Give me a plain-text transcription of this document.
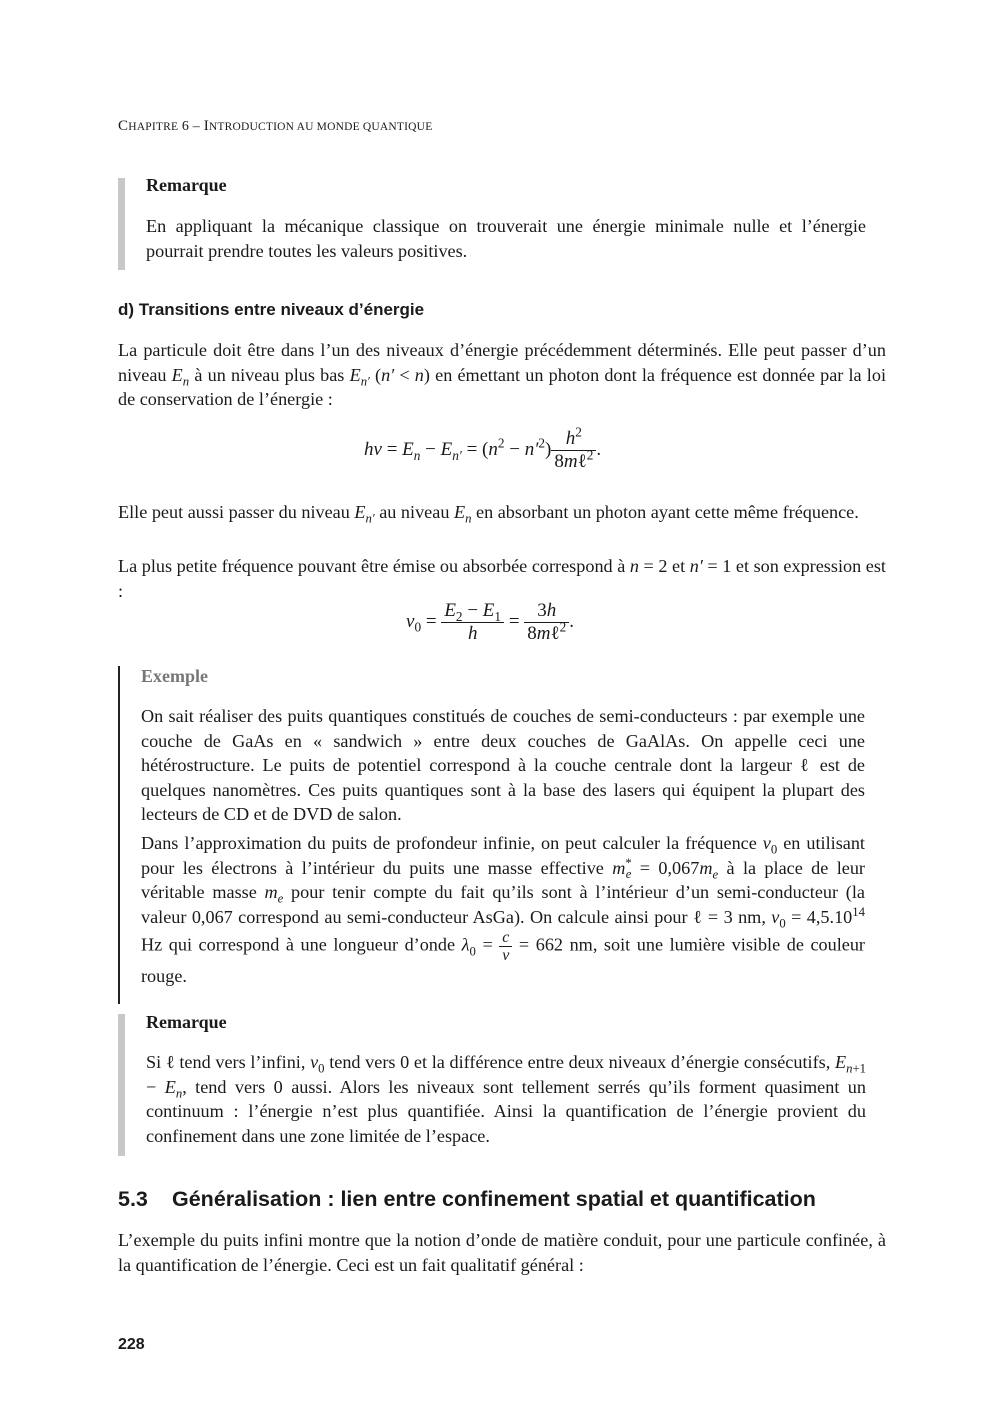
CHAPITRE 6 – INTRODUCTION AU MONDE QUANTIQUE
Remarque

En appliquant la mécanique classique on trouverait une énergie minimale nulle et l’énergie pourrait prendre toutes les valeurs positives.

d) Transitions entre niveaux d’énergie

La particule doit être dans l’un des niveaux d’énergie précédemment déterminés. Elle peut passer d’un niveau $E_n$ à un niveau plus bas $E_{n'}$ (n′ < n) en émettant un photon dont la fréquence est donnée par la loi de conservation de l’énergie :

$h\nu = E_n - E_{n'} = (n^2 - n'^2) \frac{h^2}{8m\ell^2}$ .

Elle peut aussi passer du niveau $E_{n'}$ au niveau $E_n$ en absorbant un photon ayant cette même fréquence.

La plus petite fréquence pouvant être émise ou absorbée correspond à n = 2 et n′ = 1 et son expression est :

$\nu_0 = \frac{E_2 - E_1}{h} = \frac{3h}{8m\ell^2}$ .
Exemple

On sait réaliser des puits quantiques constitués de couches de semi-conducteurs : par exemple une couche de GaAs en « sandwich » entre deux couches de GaAlAs. On appelle ceci une hétérostructure. Le puits de potentiel correspond à la couche centrale dont la largeur ℓ est de quelques nanomètres. Ces puits quantiques sont à la base des lasers qui équipent la plupart des lecteurs de CD et de DVD de salon.

Dans l’approximation du puits de profondeur infinie, on peut calculer la fréquence $\nu_0$ en utilisant pour les électrons à l’intérieur du puits une masse effective $m^*_e = 0,067m_e$ à la place de leur véritable masse $m_e$ pour tenir compte du fait qu’ils sont à l’intérieur d’un semi-conducteur (la valeur 0,067 correspond au semi-conducteur AsGa). On calcule ainsi pour ℓ = 3 nm, $\nu_0 = 4,5.10^{14}$ Hz qui correspond à une longueur d’onde $\lambda_0 = \frac{c}{\nu} = 662$ nm, soit une lumière visible de couleur rouge.

Remarque

Si ℓ tend vers l’infini, $\nu_0$ tend vers 0 et la différence entre deux niveaux d’énergie consécutifs, $E_{n+1} - E_n$, tend vers 0 aussi. Alors les niveaux sont tellement serrés qu’ils forment quasiment un continuum : l’énergie n’est plus quantifiée. Ainsi la quantification de l’énergie provient du confinement dans une zone limitée de l’espace.

5.3 Généralisation : lien entre confinement spatial et quantification

L’exemple du puits infini montre que la notion d’onde de matière conduit, pour une particule confinée, à la quantification de l’énergie. Ceci est un fait qualitatif général :

228
